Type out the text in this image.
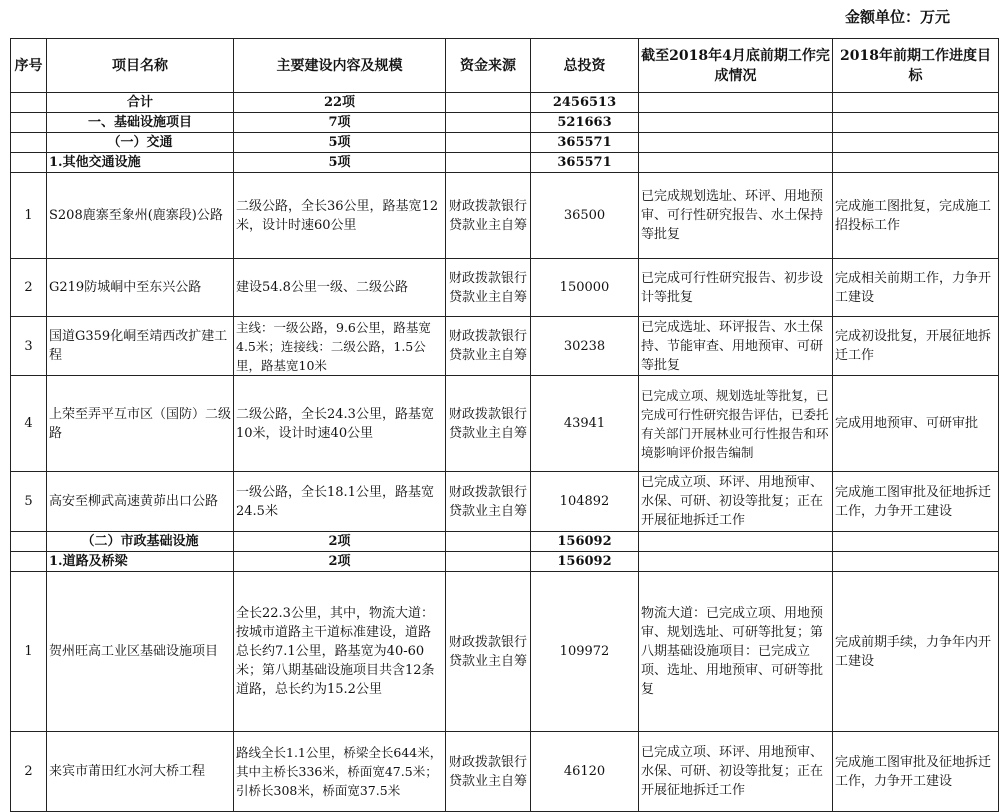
金额单位：万元
序号	项目名称	主要建设内容及规模	资金来源	总投资	截至2018年4月底前期工作完成情况	2018年前期工作进度目标
	合计	22项		2456513		
	一、基础设施项目	7项		521663		
	（一）交通	5项		365571		
	1.其他交通设施	5项		365571		
1	S208鹿寨至象州(鹿寨段)公路	二级公路，全长36公里，路基宽12米，设计时速60公里	财政拨款银行贷款业主自筹	36500	已完成规划选址、环评、用地预审、可行性研究报告、水土保持等批复	完成施工图批复，完成施工招投标工作
2	G219防城峒中至东兴公路	建设54.8公里一级、二级公路	财政拨款银行贷款业主自筹	150000	已完成可行性研究报告、初步设计等批复	完成相关前期工作，力争开工建设
3	国道G359化峒至靖西改扩建工程	主线：一级公路，9.6公里，路基宽4.5米；连接线：二级公路，1.5公里，路基宽10米	财政拨款银行贷款业主自筹	30238	已完成选址、环评报告、水土保持、节能审查、用地预审、可研等批复	完成初设批复，开展征地拆迁工作
4	上荣至弄平互市区（国防）二级路	二级公路，全长24.3公里，路基宽10米，设计时速40公里	财政拨款银行贷款业主自筹	43941	已完成立项、规划选址等批复，已完成可行性研究报告评估，已委托有关部门开展林业可行性报告和环境影响评价报告编制	完成用地预审、可研审批
5	高安至柳武高速黄茆出口公路	一级公路，全长18.1公里，路基宽24.5米	财政拨款银行贷款业主自筹	104892	已完成立项、环评、用地预审、水保、可研、初设等批复；正在开展征地拆迁工作	完成施工图审批及征地拆迁工作，力争开工建设
	（二）市政基础设施	2项		156092		
	1.道路及桥梁	2项		156092		
1	贺州旺高工业区基础设施项目	全长22.3公里，其中，物流大道：按城市道路主干道标准建设，道路总长约7.1公里，路基宽为40-60米；第八期基础设施项目共含12条道路，总长约为15.2公里	财政拨款银行贷款业主自筹	109972	物流大道：已完成立项、用地预审、规划选址、可研等批复；第八期基础设施项目：已完成立项、选址、用地预审、可研等批复	完成前期手续，力争年内开工建设
2	来宾市莆田红水河大桥工程	路线全长1.1公里，桥梁全长644米，其中主桥长336米，桥面宽47.5米；引桥长308米，桥面宽37.5米	财政拨款银行贷款业主自筹	46120	已完成立项、环评、用地预审、水保、可研、初设等批复；正在开展征地拆迁工作	完成施工图审批及征地拆迁工作，力争开工建设
